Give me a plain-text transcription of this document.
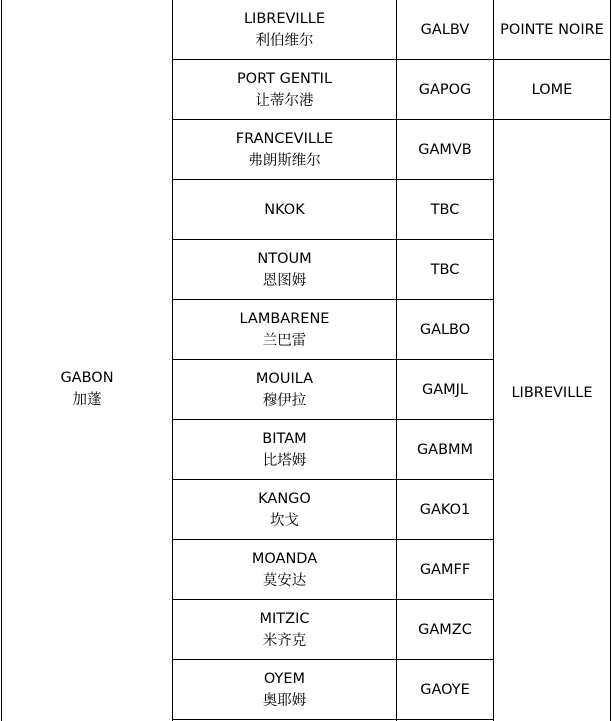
GABON
加蓬
LIBREVILLE
利伯维尔
GALBV POINTE NOIRE
PORT GENTIL
让蒂尔港
GAPOG	LOME
FRANCEVILLE
弗朗斯维尔
GAMVB
LIBREVILLE
NKOK	TBC
NTOUM
恩图姆
TBC
LAMBARENE
兰巴雷
GALBO
MOUILA
穆伊拉
GAMJL
BITAM
比塔姆
GABMM
KANGO
坎戈
GAKO1
MOANDA
莫安达
GAMFF
MITZIC
米齐克
GAMZC
OYEM
奥耶姆
GAOYE
